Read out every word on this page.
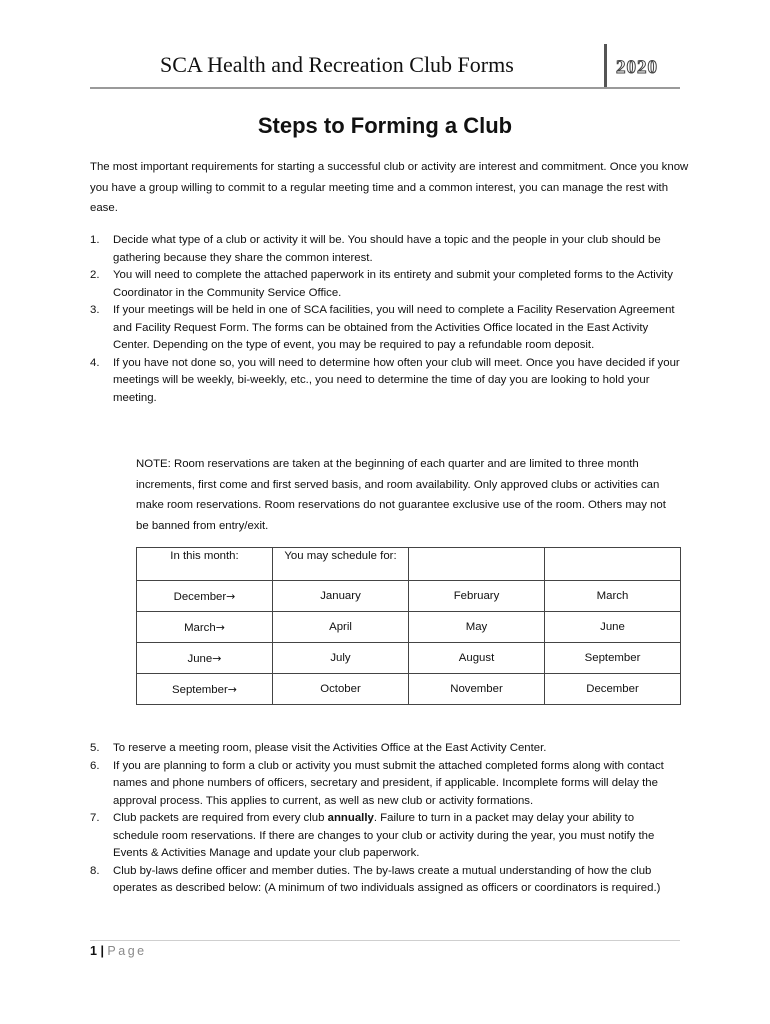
SCA Health and Recreation Club Forms	2020
Steps to Forming a Club

The most important requirements for starting a successful club or activity are interest and commitment. Once you know you have a group willing to commit to a regular meeting time and a common interest, you can manage the rest with ease.

1. Decide what type of a club or activity it will be. You should have a topic and the people in your club should be gathering because they share the common interest.
2. You will need to complete the attached paperwork in its entirety and submit your completed forms to the Activity Coordinator in the Community Service Office.
3. If your meetings will be held in one of SCA facilities, you will need to complete a Facility Reservation Agreement and Facility Request Form. The forms can be obtained from the Activities Office located in the East Activity Center. Depending on the type of event, you may be required to pay a refundable room deposit.
4. If you have not done so, you will need to determine how often your club will meet. Once you have decided if your meetings will be weekly, bi-weekly, etc., you need to determine the time of day you are looking to hold your meeting.

NOTE: Room reservations are taken at the beginning of each quarter and are limited to three month increments, first come and first served basis, and room availability. Only approved clubs or activities can make room reservations. Room reservations do not guarantee exclusive use of the room. Others may not be banned from entry/exit.

In this month:	You may schedule for:		
December→	January	February	March
March→	April	May	June
June→	July	August	September
September→	October	November	December
5. To reserve a meeting room, please visit the Activities Office at the East Activity Center.
6. If you are planning to form a club or activity you must submit the attached completed forms along with contact names and phone numbers of officers, secretary and president, if applicable. Incomplete forms will delay the approval process. This applies to current, as well as new club or activity formations.
7. Club packets are required from every club annually. Failure to turn in a packet may delay your ability to schedule room reservations. If there are changes to your club or activity during the year, you must notify the Events & Activities Manage and update your club paperwork.
8. Club by-laws define officer and member duties. The by-laws create a mutual understanding of how the club operates as described below: (A minimum of two individuals assigned as officers or coordinators is required.)
1 | Page
